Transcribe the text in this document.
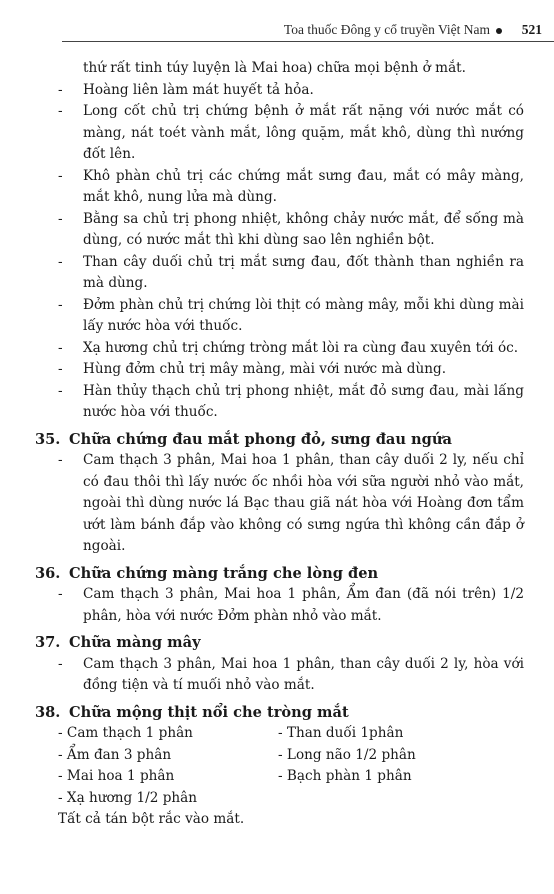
Toa thuốc Đông y cổ truyền Việt Nam 521
thứ rất tinh túy luyện là Mai hoa) chữa mọi bệnh ở mắt.
-	Hoàng liên làm mát huyết tả hỏa.
-	Long cốt chủ trị chứng bệnh ở mắt rất nặng với nước mắt có màng, nát toét vành mắt, lông quặm, mắt khô, dùng thì nướng đốt lên.
-	Khô phàn chủ trị các chứng mắt sưng đau, mắt có mây màng, mắt khô, nung lửa mà dùng.
-	Bằng sa chủ trị phong nhiệt, không chảy nước mắt, để sống mà dùng, có nước mắt thì khi dùng sao lên nghiền bột.
-	Than cây duối chủ trị mắt sưng đau, đốt thành than nghiền ra mà dùng.
-	Đởm phàn chủ trị chứng lòi thịt có màng mây, mỗi khi dùng mài lấy nước hòa với thuốc.
-	Xạ hương chủ trị chứng tròng mắt lòi ra cùng đau xuyên tới óc.
-	Hùng đởm chủ trị mây màng, mài với nước mà dùng.
-	Hàn thủy thạch chủ trị phong nhiệt, mắt đỏ sưng đau, mài lấng nước hòa với thuốc.
35. Chữa chứng đau mắt phong đỏ, sưng đau ngứa
-	Cam thạch 3 phân, Mai hoa 1 phân, than cây duối 2 ly, nếu chỉ có đau thôi thì lấy nước ốc nhồi hòa với sữa người nhỏ vào mắt, ngoài thì dùng nước lá Bạc thau giã nát hòa với Hoàng đơn tẩm ướt làm bánh đắp vào không có sưng ngứa thì không cần đắp ở ngoài.
36. Chữa chứng màng trắng che lòng đen
-	Cam thạch 3 phân, Mai hoa 1 phân, Ẩm đan (đã nói trên) 1/2 phân, hòa với nước Đởm phàn nhỏ vào mắt.
37. Chữa màng mây
-	Cam thạch 3 phân, Mai hoa 1 phân, than cây duối 2 ly, hòa với đồng tiện và tí muối nhỏ vào mắt.
38. Chữa mộng thịt nổi che tròng mắt
- Cam thạch 1 phân	- Than duối 1phân
- Ẩm đan 3 phân	- Long não 1/2 phân
- Mai hoa 1 phân	- Bạch phàn 1 phân
- Xạ hương 1/2 phân
Tất cả tán bột rắc vào mắt.
